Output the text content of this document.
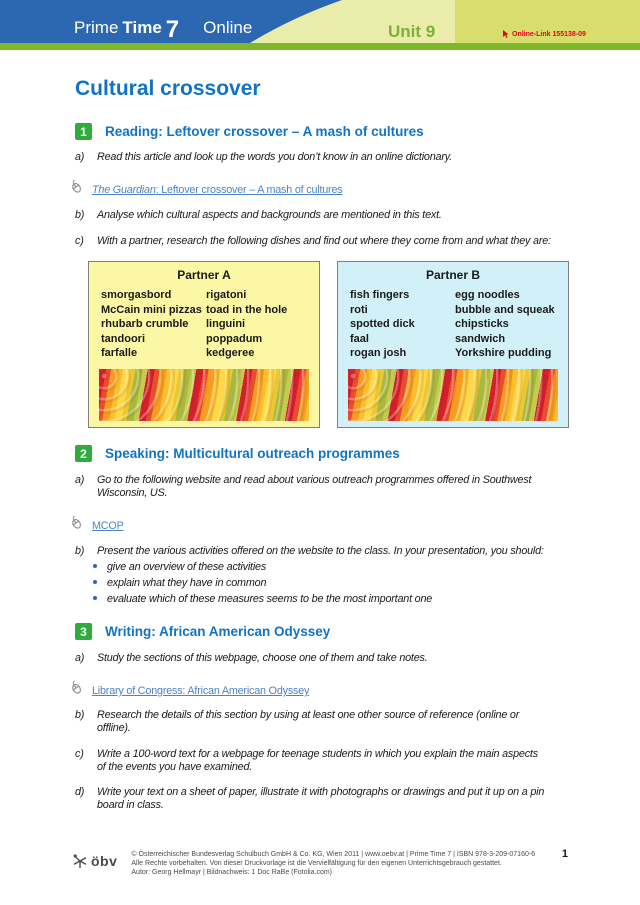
Prime Time 7 Online	Unit 9	Online-Link 155138-09
Cultural crossover
1	Reading: Leftover crossover – A mash of cultures
a) Read this article and look up the words you don’t know in an online dictionary.
The Guardian: Leftover crossover – A mash of cultures
b) Analyse which cultural aspects and backgrounds are mentioned in this text.
c) With a partner, research the following dishes and find out where they come from and what they are:
Partner A
smorgasbord
McCain mini pizzas
rhubarb crumble
tandoori
farfalle
rigatoni
toad in the hole
linguini
poppadum
kedgeree
Partner B
fish fingers
roti
spotted dick
faal
rogan josh
egg noodles
bubble and squeak
chipsticks
sandwich
Yorkshire pudding
2	Speaking: Multicultural outreach programmes
a) Go to the following website and read about various outreach programmes offered in Southwest Wisconsin, US.
MCOP
b) Present the various activities offered on the website to the class. In your presentation, you should:
give an overview of these activities
explain what they have in common
evaluate which of these measures seems to be the most important one
3	Writing: African American Odyssey
a) Study the sections of this webpage, choose one of them and take notes.
Library of Congress: African American Odyssey
b) Research the details of this section by using at least one other source of reference (online or offline).
c) Write a 100-word text for a webpage for teenage students in which you explain the main aspects of the events you have examined.
d) Write your text on a sheet of paper, illustrate it with photographs or drawings and put it up on a pin board in class.
öbv © Österreichischer Bundesverlag Schulbuch GmbH & Co. KG, Wien 2011 | www.oebv.at | Prime Time 7 | ISBN 978-3-209-07160-6
Alle Rechte vorbehalten. Von dieser Druckvorlage ist die Vervielfältigung für den eigenen Unterrichtsgebrauch gestattet.
Autor: Georg Hellmayr | Bildnachweis: 1 Doc RaBe (Fotolia.com)
1
